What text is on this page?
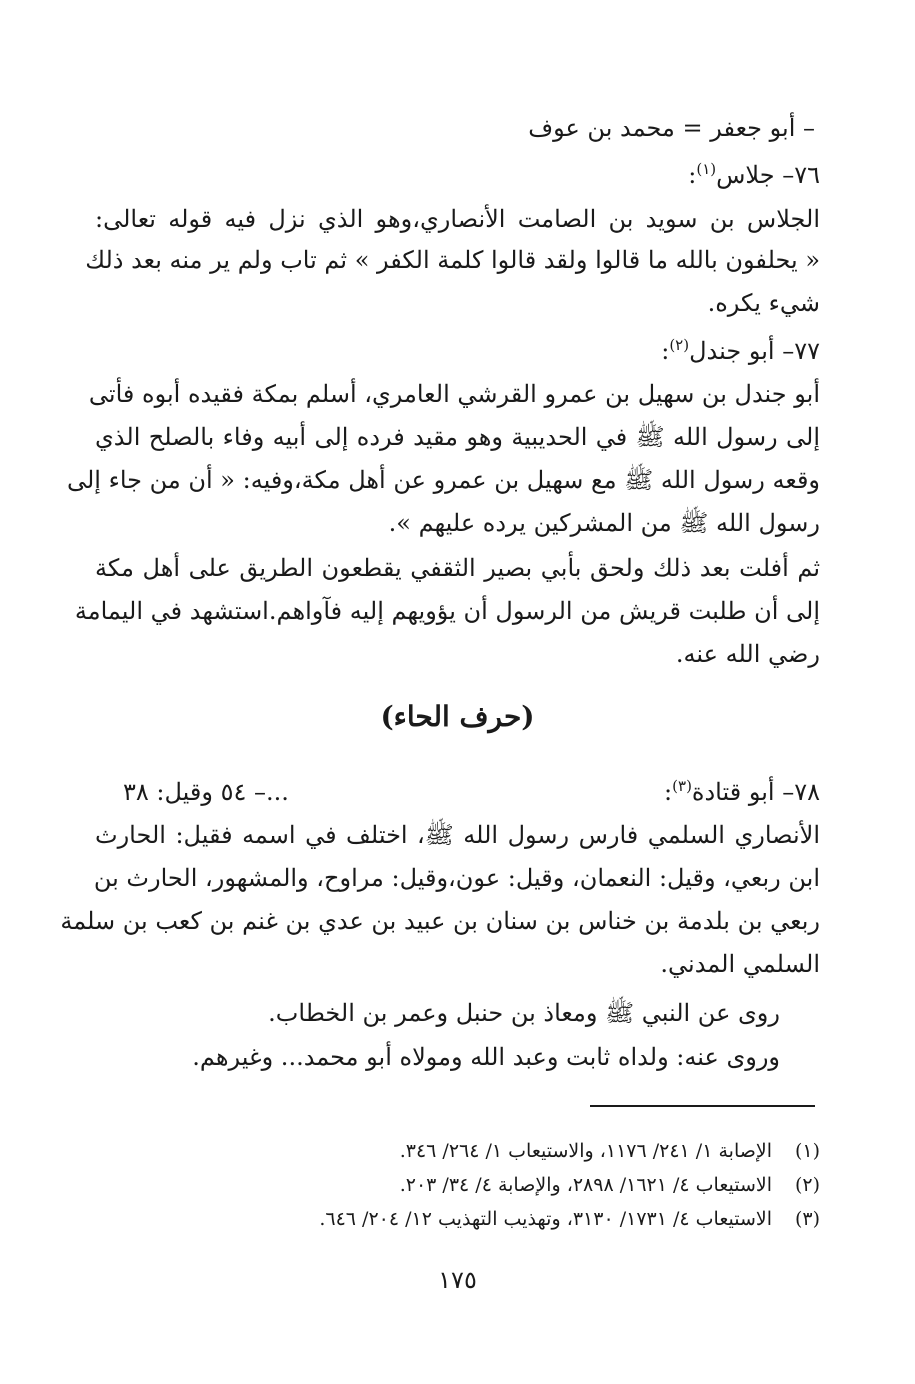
– أبو جعفر = محمد بن عوف
٧٦– جلاس$^{(١)}$:
الجلاس بن سويد بن الصامت الأنصاري،وهو الذي نزل فيه قوله تعالى:
« يحلفون بالله ما قالوا ولقد قالوا كلمة الكفر » ثم تاب ولم ير منه بعد ذلك
شيء يكره.
٧٧– أبو جندل$^{(٢)}$:
أبو جندل بن سهيل بن عمرو القرشي العامري، أسلم بمكة فقيده أبوه فأتى
إلى رسول الله ﷺ في الحديبية وهو مقيد فرده إلى أبيه وفاء بالصلح الذي
وقعه رسول الله ﷺ مع سهيل بن عمرو عن أهل مكة،وفيه: « أن من جاء إلى
رسول الله ﷺ من المشركين يرده عليهم ».
ثم أفلت بعد ذلك ولحق بأبي بصير الثقفي يقطعون الطريق على أهل مكة
إلى أن طلبت قريش من الرسول أن يؤويهم إليه فآواهم.استشهد في اليمامة
رضي الله عنه.
(حرف الحاء)
٧٨– أبو قتادة$^{(٣)}$:
...– ٥٤ وقيل: ٣٨
الأنصاري السلمي فارس رسول الله ﷺ، اختلف في اسمه فقيل: الحارث
ابن ربعي، وقيل: النعمان، وقيل: عون،وقيل: مراوح، والمشهور، الحارث بن
ربعي بن بلدمة بن خناس بن سنان بن عبيد بن عدي بن غنم بن كعب بن سلمة
السلمي المدني.
روى عن النبي ﷺ ومعاذ بن حنبل وعمر بن الخطاب.
وروى عنه: ولداه ثابت وعبد الله ومولاه أبو محمد... وغيرهم.
(١)الإصابة ١/ ٢٤١/ ١١٧٦، والاستيعاب ١/ ٢٦٤/ ٣٤٦.
(٢)الاستيعاب ٤/ ١٦٢١/ ٢٨٩٨، والإصابة ٤/ ٣٤/ ٢٠٣.
(٣)الاستيعاب ٤/ ١٧٣١/ ٣١٣٠، وتهذيب التهذيب ١٢/ ٢٠٤/ ٦٤٦.
١٧٥
